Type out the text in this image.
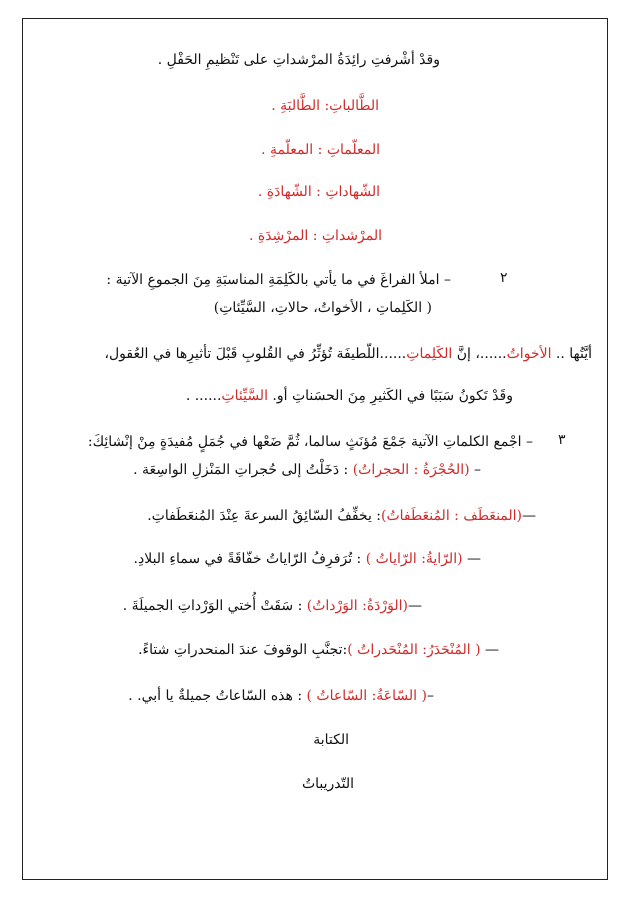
وقدْ أشْرفتِ رائِدَةُ المرْشداتِ على تَنْظيمِ الحَفْلِ .
الطَّالباتِ: الطَّالبَةِ .
المعلّماتِ : المعلّمةِ .
الشّهاداتِ : الشّهادَةِ .
المرْشداتِ : المرْشِدَةِ .
٢
– املأ الفراغَ في ما يأتي بالكَلِمَةِ المناسبَةِ مِنَ الجموعِ الآتية :
( الكَلِماتِ ، الأخواتُ، حالاتِ، السَّيِّئاتِ)
أيَّتُها .. الأخواتُ......، إنَّ الكَلِماتِ......اللّطيفَة تُؤثِّرُ في القُلوبِ قَبْلَ تأثيرِها في العُقول،
وقَدْ تَكونُ سَبَبًا في الكَثيرِ مِنَ الحسَناتِ أو. السَّيِّئاتِ...... .
٣
– اجْمع الكلماتِ الآتية جَمْعَ مُؤنَثٍ سالما، ثُمَّ ضَعْها في جُمَلٍ مُفيدَةٍ مِنْ إنْشائِكَ:
– (الحُجْرَةُ : الحجراتُ) : دَخَلْتُ إلى حُجراتِ المَنْزلِ الواسِعَة .
—(المنعَطَف : المُنعَطَفاتُ): يخفِّفُ السّائِقُ السرعةَ عِنْدَ المُنعَطَفاتِ.
— (الرّايةُ: الرّاياتُ ) : تُرَفرِفُ الرّاياتُ خفّاقَةً في سماءِ البلادِ.
—(الوَرْدَةُ: الوَرْداتُ) : سَقَتْ أُختي الوَرْداتِ الجميلَةَ .
— ( المُنْحَدَرُ: المُنْحَدراتُ ):تجنَّبِ الوقوفَ عندَ المنحدراتِ شتاءً.
–( السّاعَةُ: السّاعاتُ ) : هذه السّاعاتُ جميلةٌ يا أبي. .
الكتابة
التّدريباتُ
